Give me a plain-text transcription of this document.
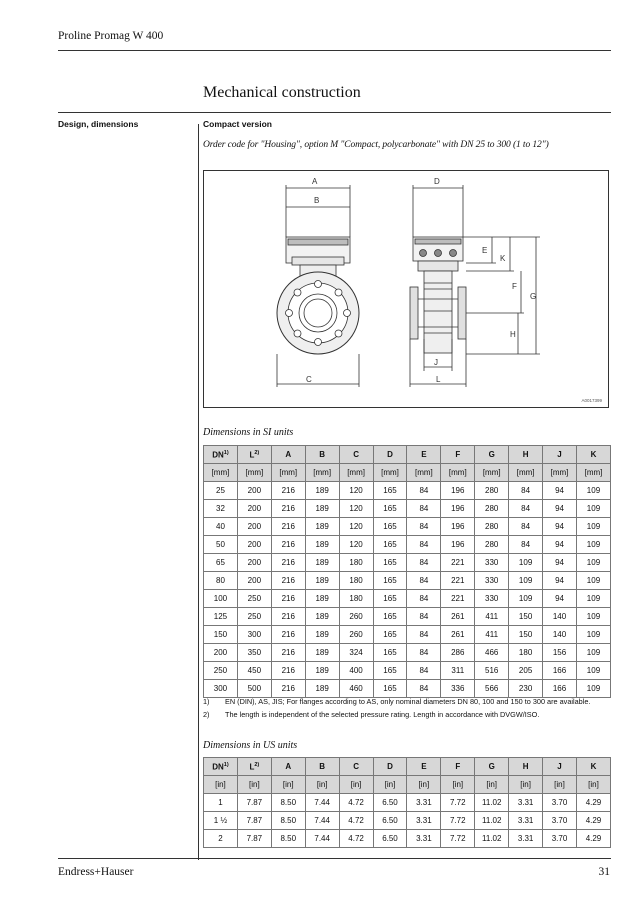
Proline Promag W 400
Mechanical construction
Design, dimensions	Compact version
Order code for "Housing", option M "Compact, polycarbonate" with DN 25 to 300 (1 to 12")
A
B
C
D
E
K
F
G
H
J
L
A0017399
Dimensions in SI units
DN$^{1)}$	$L^{2)}$	A	B	C	D	E	F	G	H	J	K
[mm]	[mm]	[mm]	[mm]	[mm]	[mm]	[mm]	[mm]	[mm]	[mm]	[mm]	[mm]
25	200	216	189	120	165	84	196	280	84	94	109
32	200	216	189	120	165	84	196	280	84	94	109
40	200	216	189	120	165	84	196	280	84	94	109
50	200	216	189	120	165	84	196	280	84	94	109
65	200	216	189	180	165	84	221	330	109	94	109
80	200	216	189	180	165	84	221	330	109	94	109
100	250	216	189	180	165	84	221	330	109	94	109
125	250	216	189	260	165	84	261	411	150	140	109
150	300	216	189	260	165	84	261	411	150	140	109
200	350	216	189	324	165	84	286	466	180	156	109
250	450	216	189	400	165	84	311	516	205	166	109
300	500	216	189	460	165	84	336	566	230	166	109
1) EN (DIN), AS, JIS; For flanges according to AS, only nominal diameters DN 80, 100 and 150 to 300 are available.
2) The length is independent of the selected pressure rating. Length in accordance with DVGW/ISO.
Dimensions in US units
DN$^{1)}$	$L^{2)}$	A	B	C	D	E	F	G	H	J	K
[in]	[in]	[in]	[in]	[in]	[in]	[in]	[in]	[in]	[in]	[in]	[in]
1	7.87	8.50	7.44	4.72	6.50	3.31	7.72	11.02	3.31	3.70	4.29
1 ½	7.87	8.50	7.44	4.72	6.50	3.31	7.72	11.02	3.31	3.70	4.29
2	7.87	8.50	7.44	4.72	6.50	3.31	7.72	11.02	3.31	3.70	4.29
Endress+Hauser	31
